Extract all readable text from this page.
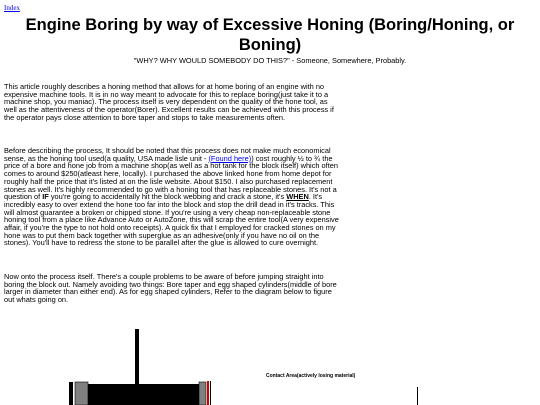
Index
Engine Boring by way of Excessive Honing (Boring/Honing, or Boning)

"WHY? WHY WOULD SOMEBODY DO THIS?" - Someone, Somewhere, Probably.

This article roughly describes a honing method that allows for at home boring of an engine with no expensive machine tools. It is in no way meant to advocate for this to replace boring(just take it to a machine shop, you maniac). The process itself is very dependent on the quality of the hone tool, as well as the attentiveness of the operator(Borer). Excellent results can be achieved with this process if the operator pays close attention to bore taper and stops to take measurements often.

Before describing the process, It should be noted that this process does not make much economical sense, as the honing tool used(a quality, USA made lisle unit - (Found here)) cost roughly ½ to ¾ the price of a bore and hone job from a machine shop(as well as a hot tank for the block itself) which often comes to around $250(atleast here, locally). I purchased the above linked hone from home depot for roughly half the price that it's listed at on the lisle website. About $150. I also purchased replacement stones as well. It's highly recommended to go with a honing tool that has replaceable stones. It's not a question of IF you're going to accidentally hit the block webbing and crack a stone, it's WHEN. It's incredibly easy to over extend the hone too far into the block and stop the drill dead in it's tracks. This will almost guarantee a broken or chipped stone. If you're using a very cheap non-replaceable stone honing tool from a place like Advance Auto or AutoZone, this will scrap the entire tool(A very expensive affair, if you're the type to not hold onto receipts). A quick fix that I employed for cracked stones on my hone was to put them back together with superglue as an adhesive(only if you have no oil on the stones). You'll have to redress the stone to be parallel after the glue is allowed to cure overnight.

Now onto the process itself. There's a couple problems to be aware of before jumping straight into boring the block out. Namely avoiding two things: Bore taper and egg shaped cylinders(middle of bore larger in diameter than either end). As for egg shaped cylinders, Refer to the diagram below to figure out whats going on.

Contact Area(actively losing material)
